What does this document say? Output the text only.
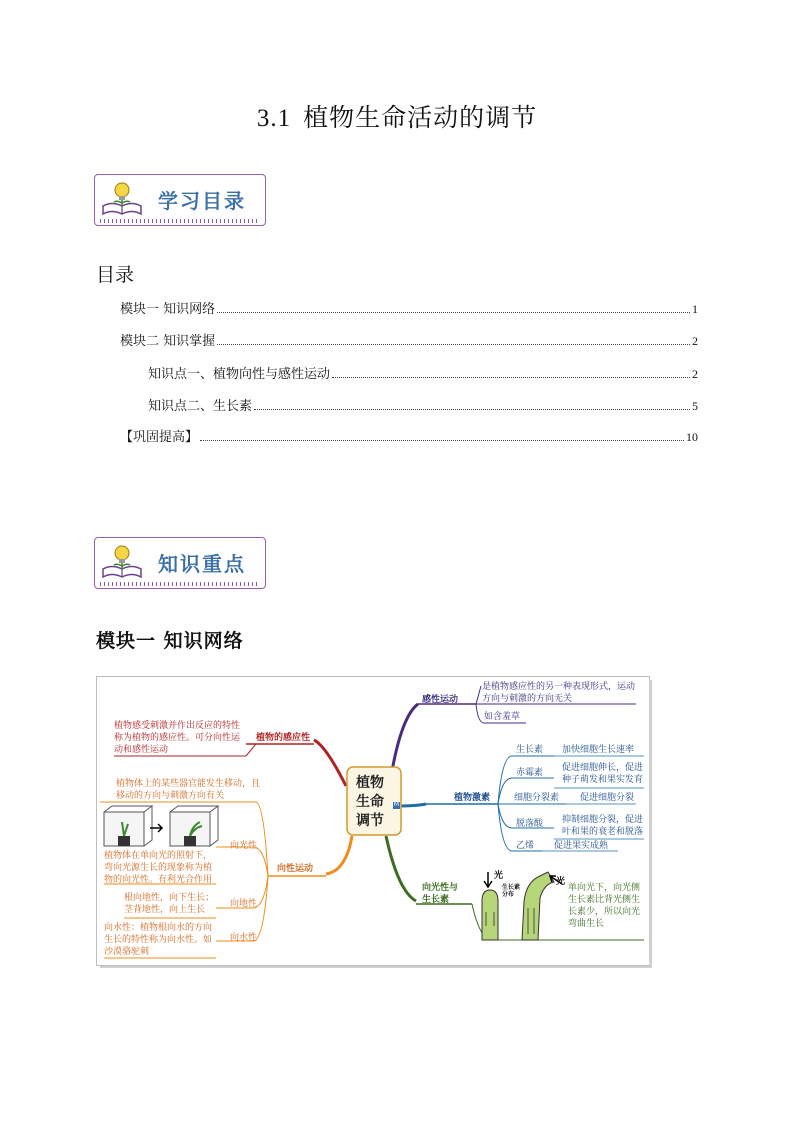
3.1 植物生命活动的调节
学习目录
目录
模块一 知识网络	1
模块二 知识掌握	2
知识点一、植物向性与感性运动	2
知识点二、生长素	5
【巩固提高】	10
知识重点
模块一 知识网络
植物
生命
调节
M
植物的感应性
植物感受刺激并作出反应的特性
称为植物的感应性。可分向性运
动和感性运动
向性运动
植物体上的某些器官能发生移动，且
移动的方向与刺激方向有关
向光性
植物体在单向光的照射下，
弯向光源生长的现象称为植
物的向光性。有利光合作用
向地性
根向地性，向下生长；
茎背地性，向上生长
向水性
向水性：植物根向水的方向
生长的特性称为向水性。如
沙漠骆驼刺
感性运动
是植物感应性的另一种表现形式，运动
方向与刺激的方向无关
如含羞草
植物激素
生长素 加快细胞生长速率
赤霉素 促进细胞伸长，促进
种子萌发和果实发育
细胞分裂素 促进细胞分裂
脱落酸 抑制细胞分裂，促进
叶和果的衰老和脱落
乙烯 促进果实成熟
向光性与
生长素
光
光
生长素
分布
单向光下，向光侧
生长素比背光侧生
长素少，所以向光
弯曲生长
